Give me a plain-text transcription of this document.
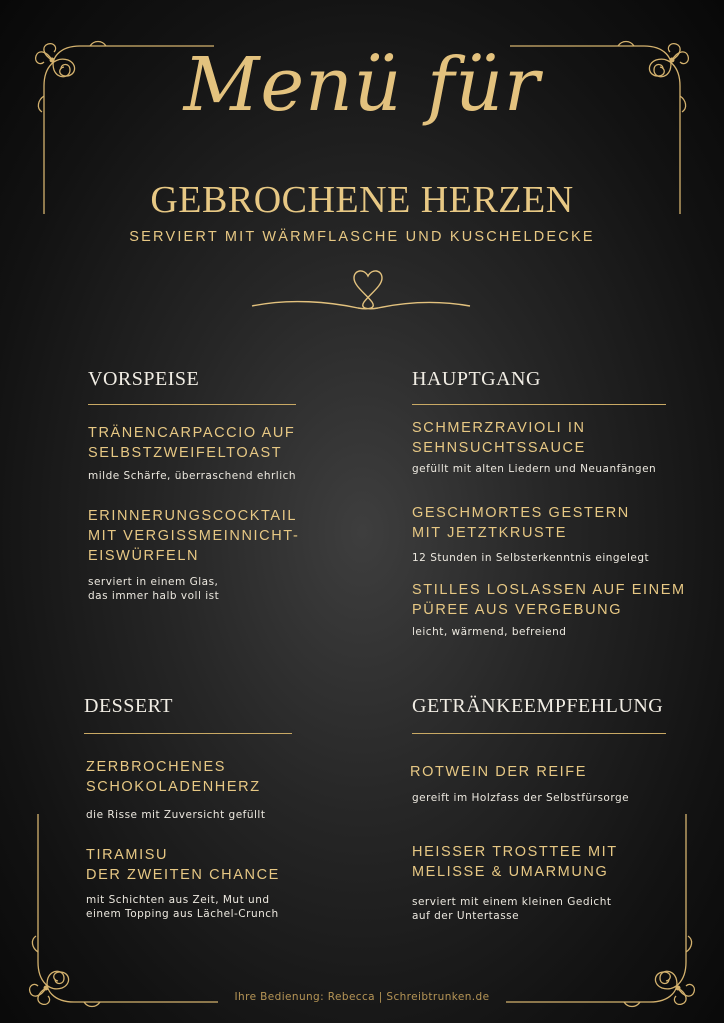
Menü für
GEBROCHENE HERZEN
SERVIERT MIT WÄRMFLASCHE UND KUSCHELDECKE
VORSPEISE
TRÄNENCARPACCIO AUF
SELBSTZWEIFELTOAST
milde Schärfe, überraschend ehrlich
ERINNERUNGSCOCKTAIL
MIT VERGISSMEINNICHT-
EISWÜRFELN
serviert in einem Glas,
das immer halb voll ist
HAUPTGANG
SCHMERZRAVIOLI IN
SEHNSUCHTSSAUCE
gefüllt mit alten Liedern und Neuanfängen
GESCHMORTES GESTERN
MIT JETZTKRUSTE
12 Stunden in Selbsterkenntnis eingelegt
STILLES LOSLASSEN AUF EINEM
PÜREE AUS VERGEBUNG
leicht, wärmend, befreiend
DESSERT
ZERBROCHENES
SCHOKOLADENHERZ
die Risse mit Zuversicht gefüllt
TIRAMISU
DER ZWEITEN CHANCE
mit Schichten aus Zeit, Mut und
einem Topping aus Lächel-Crunch
GETRÄNKEEMPFEHLUNG
ROTWEIN DER REIFE
gereift im Holzfass der Selbstfürsorge
HEISSER TROSTTEE MIT
MELISSE & UMARMUNG
serviert mit einem kleinen Gedicht
auf der Untertasse
Ihre Bedienung: Rebecca | Schreibtrunken.de
